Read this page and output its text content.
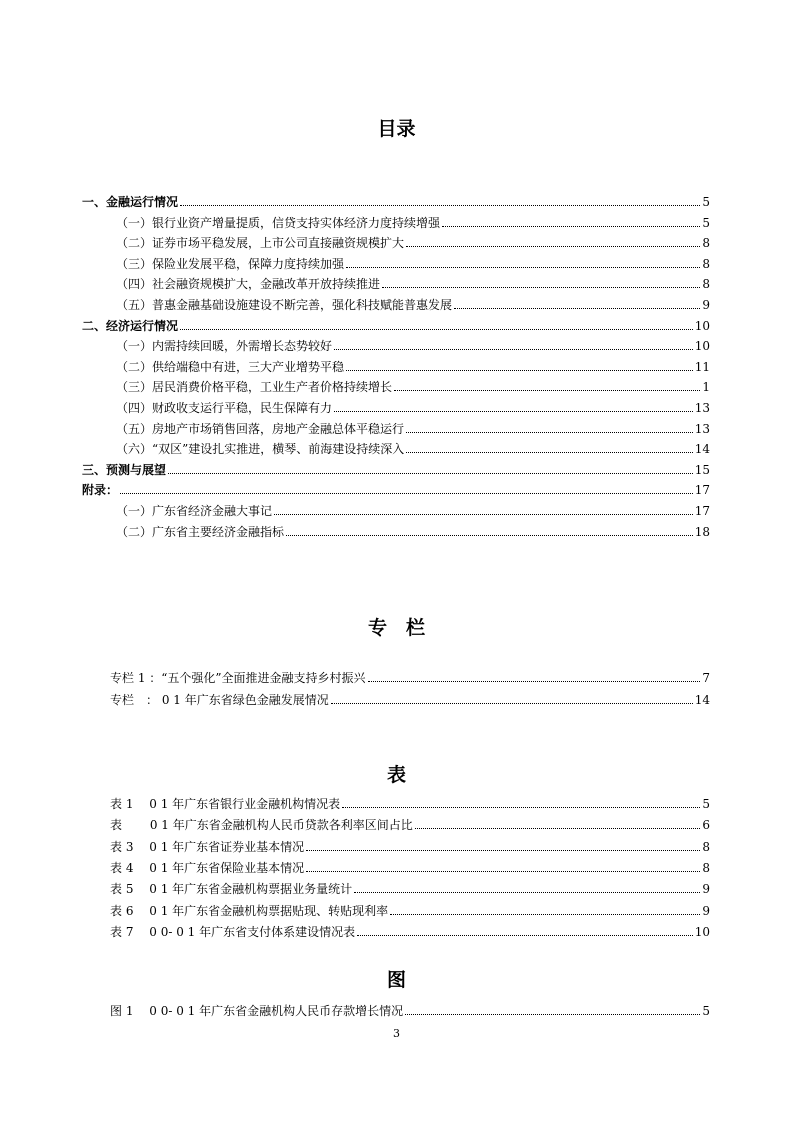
目录
一、金融运行情况	5
（一）银行业资产增量提质，信贷支持实体经济力度持续增强	5
（二）证券市场平稳发展，上市公司直接融资规模扩大	8
（三）保险业发展平稳，保障力度持续加强	8
（四）社会融资规模扩大，金融改革开放持续推进	8
（五）普惠金融基础设施建设不断完善，强化科技赋能普惠发展	9
二、经济运行情况	10
（一）内需持续回暖，外需增长态势较好	10
（二）供给端稳中有进，三大产业增势平稳	11
（三）居民消费价格平稳，工业生产者价格持续增长	1
（四）财政收支运行平稳，民生保障有力	13
（五）房地产市场销售回落，房地产金融总体平稳运行	13
（六）“双区”建设扎实推进，横琴、前海建设持续深入	14
三、预测与展望	15
附录：	17
（一）广东省经济金融大事记	17
（二）广东省主要经济金融指标	18
专　栏
专栏 1 ：“五个强化”全面推进金融支持乡村振兴	7
专栏　： 0 1 年广东省绿色金融发展情况	14
表
表 1　 0 1 年广东省银行业金融机构情况表	5
表　　 0 1 年广东省金融机构人民币贷款各利率区间占比	6
表 3　 0 1 年广东省证券业基本情况	8
表 4　 0 1 年广东省保险业基本情况	8
表 5　 0 1 年广东省金融机构票据业务量统计	9
表 6　 0 1 年广东省金融机构票据贴现、转贴现利率	9
表 7　 0 0- 0 1 年广东省支付体系建设情况表	10
图
图 1　 0 0- 0 1 年广东省金融机构人民币存款增长情况	5
3
